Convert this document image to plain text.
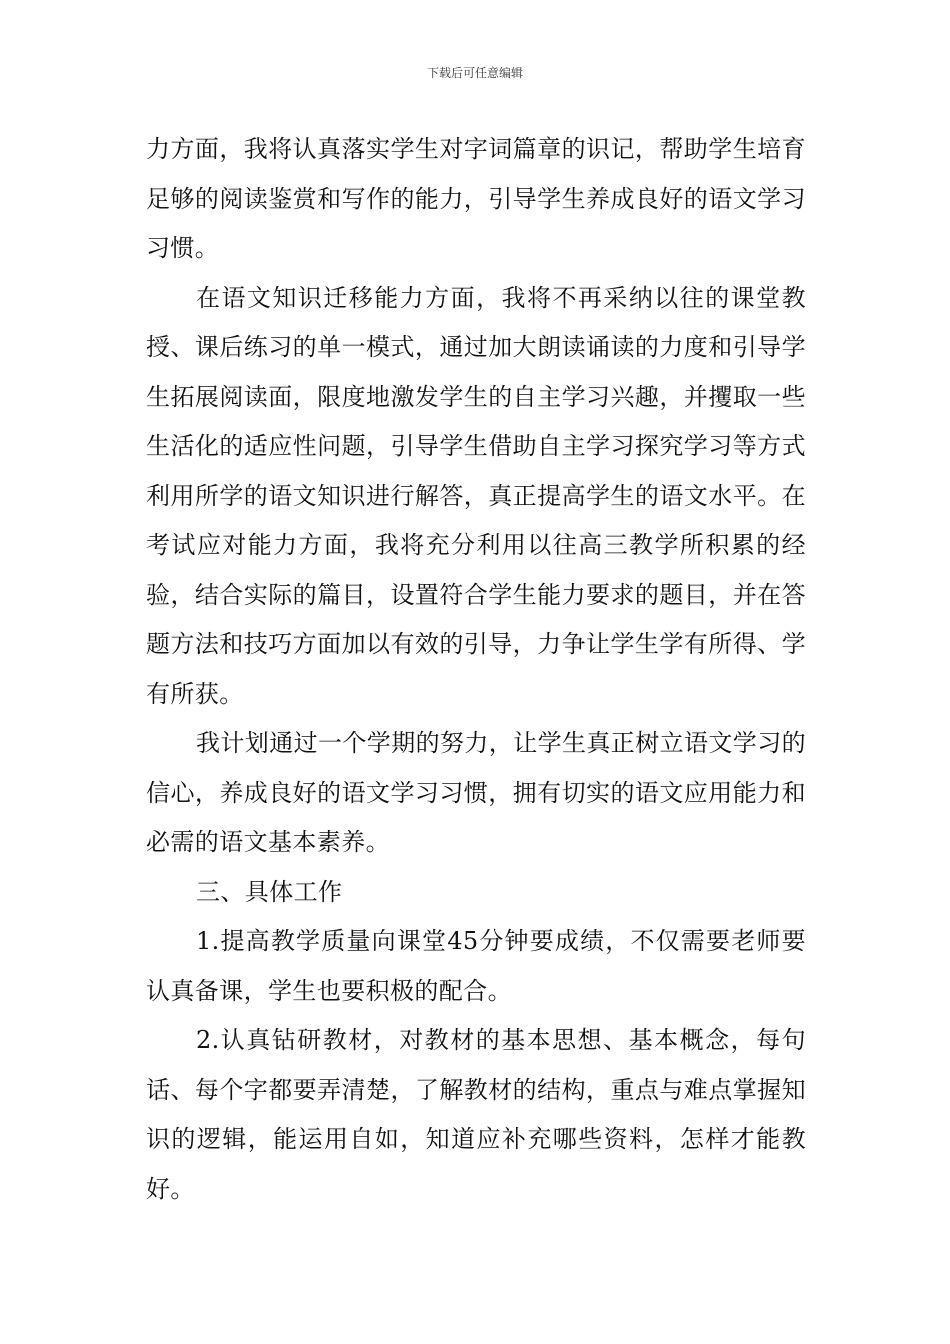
下载后可任意编辑

力方面，我将认真落实学生对字词篇章的识记，帮助学生培育足够的阅读鉴赏和写作的能力，引导学生养成良好的语文学习习惯。

在语文知识迁移能力方面，我将不再采纳以往的课堂教授、课后练习的单一模式，通过加大朗读诵读的力度和引导学生拓展阅读面，限度地激发学生的自主学习兴趣，并攫取一些生活化的适应性问题，引导学生借助自主学习探究学习等方式利用所学的语文知识进行解答，真正提高学生的语文水平。在考试应对能力方面，我将充分利用以往高三教学所积累的经验，结合实际的篇目，设置符合学生能力要求的题目，并在答题方法和技巧方面加以有效的引导，力争让学生学有所得、学有所获。

我计划通过一个学期的努力，让学生真正树立语文学习的信心，养成良好的语文学习习惯，拥有切实的语文应用能力和必需的语文基本素养。

三、具体工作

1.提高教学质量向课堂45分钟要成绩，不仅需要老师要认真备课，学生也要积极的配合。

2.认真钻研教材，对教材的基本思想、基本概念，每句话、每个字都要弄清楚，了解教材的结构，重点与难点掌握知识的逻辑，能运用自如，知道应补充哪些资料，怎样才能教好。
